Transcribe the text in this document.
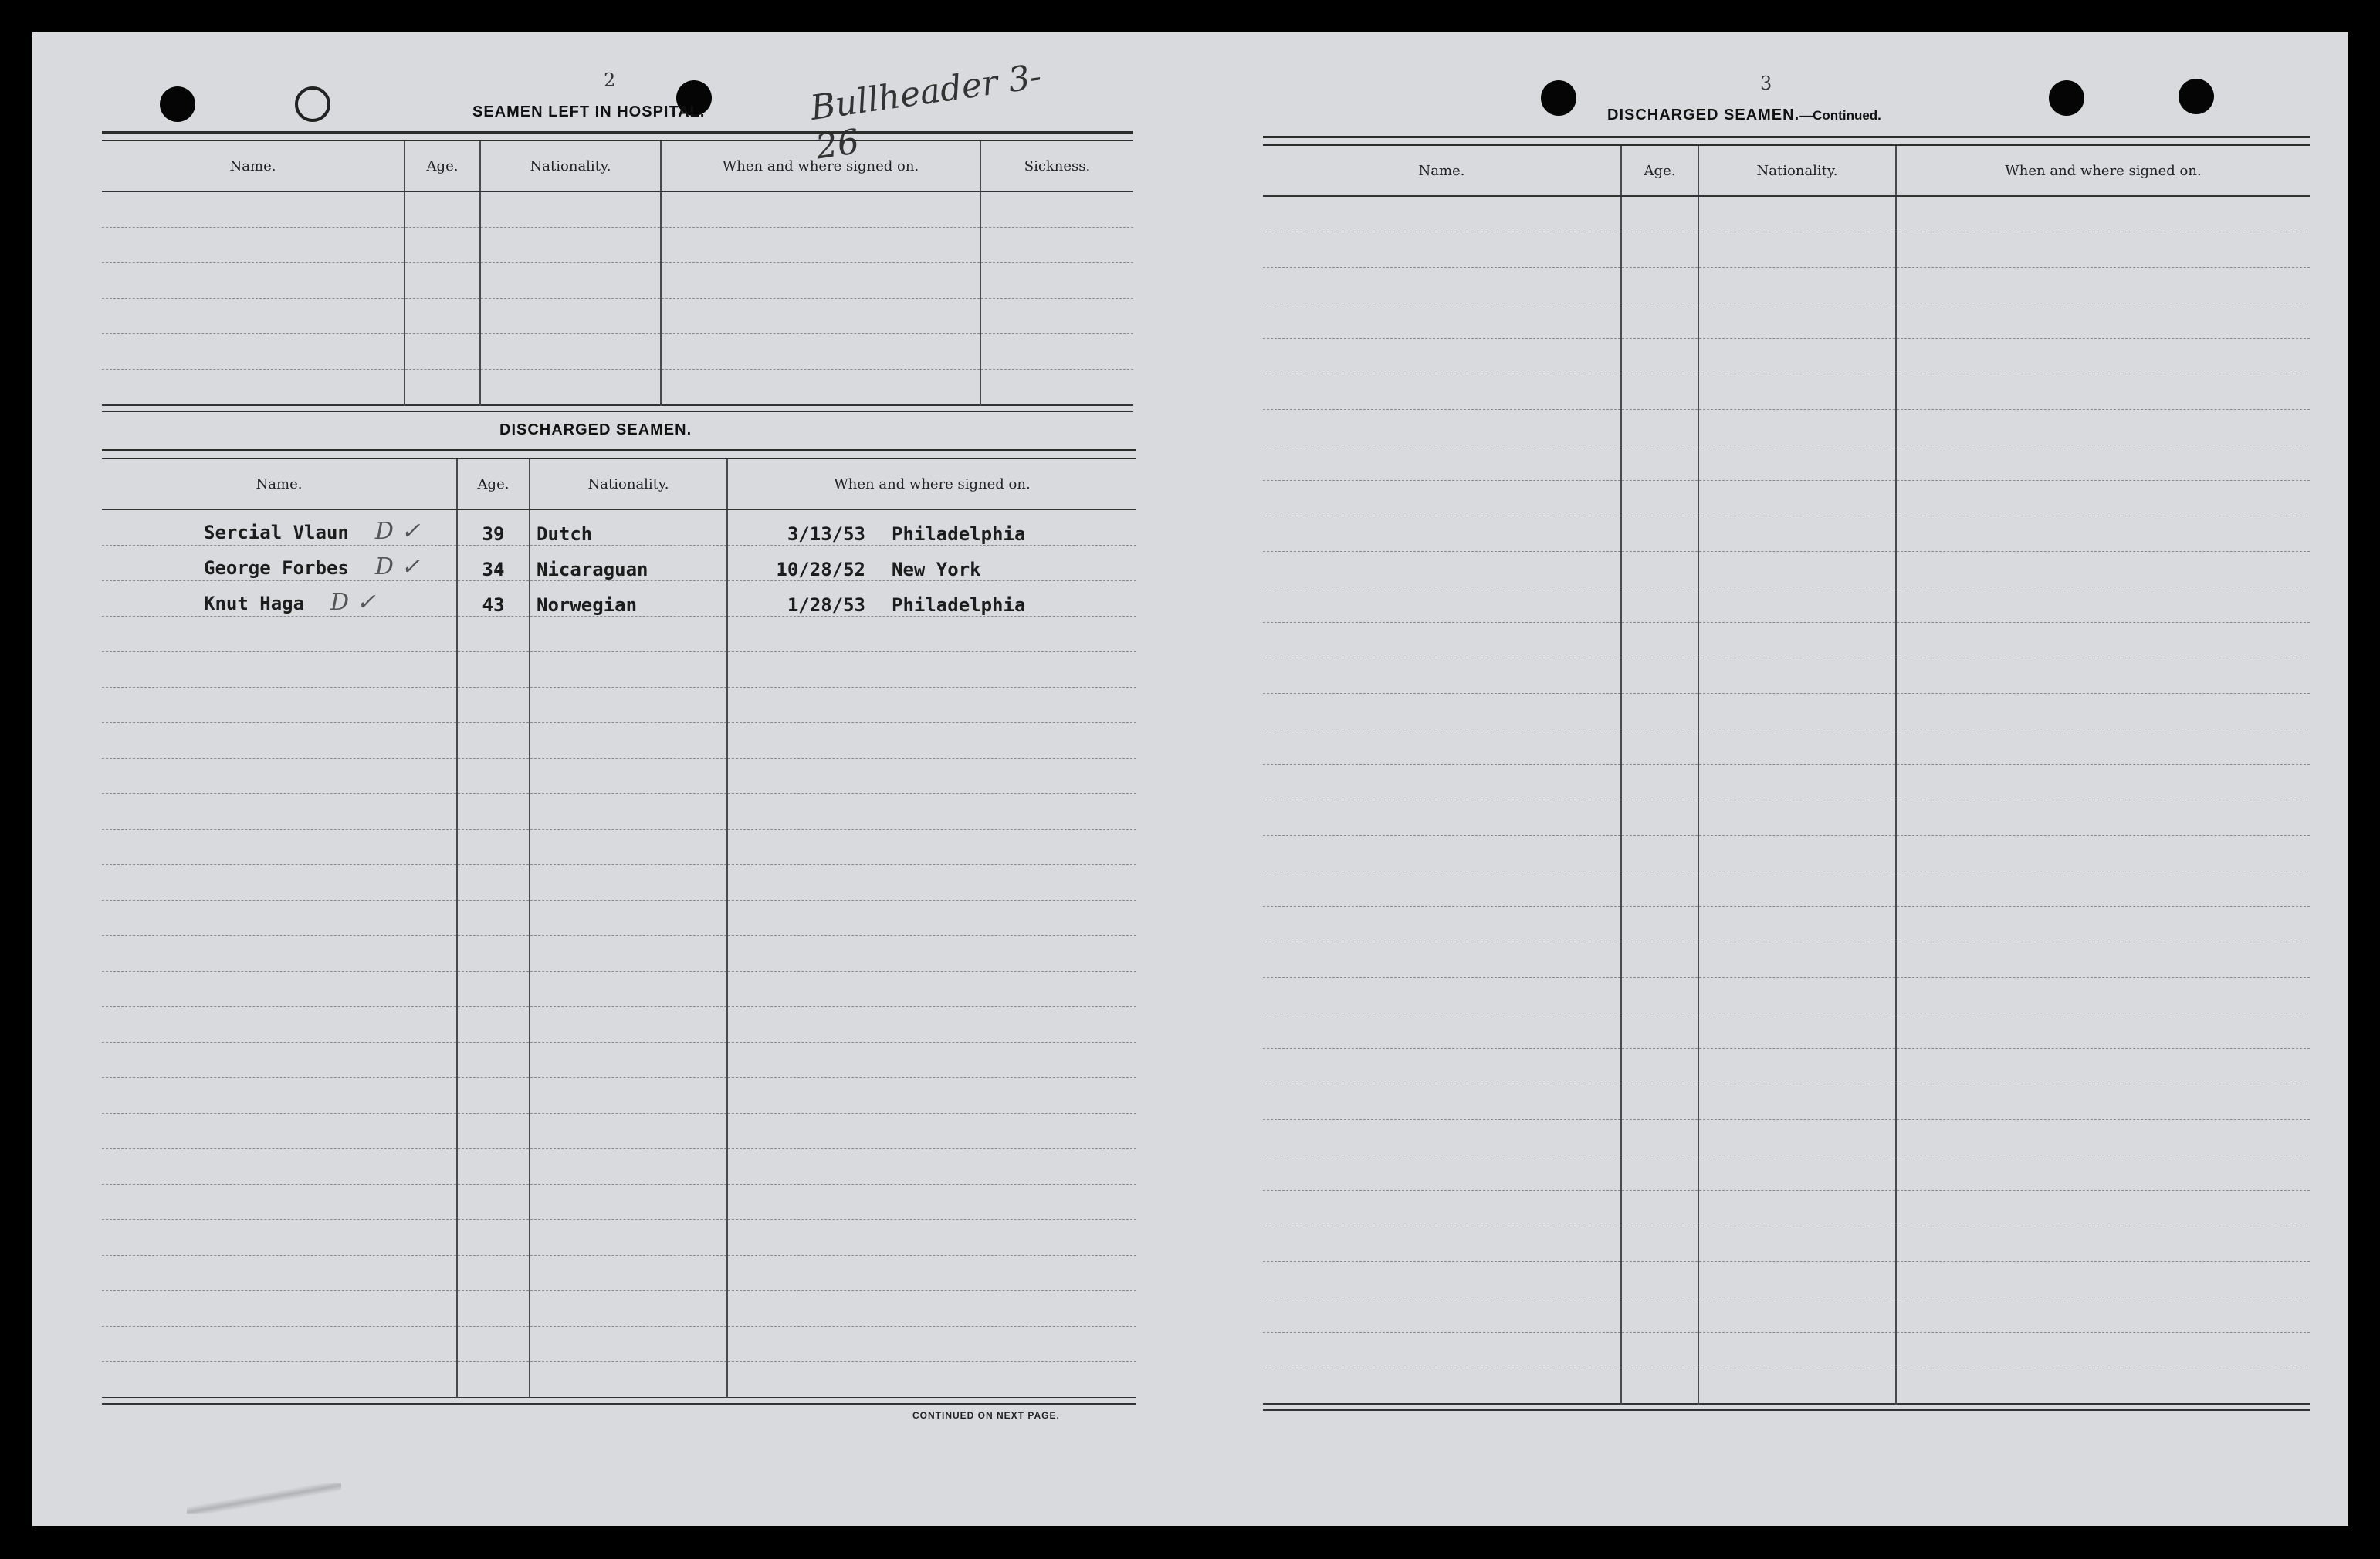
2
SEAMEN LEFT IN HOSPITAL.	Bullheader 3-26

Name.	Age.	Nationality.	When and where signed on.	Sickness.

DISCHARGED SEAMEN.

Name.	Age.	Nationality.	When and where signed on.
Sercial Vlaun D ✓	39	Dutch	3/13/53 Philadelphia
George Forbes D ✓	34	Nicaraguan	10/28/52 New York
Knut Haga D ✓	43	Norwegian	1/28/53 Philadelphia

CONTINUED ON NEXT PAGE.
3
DISCHARGED SEAMEN.—Continued.

Name.	Age.	Nationality.	When and where signed on.
